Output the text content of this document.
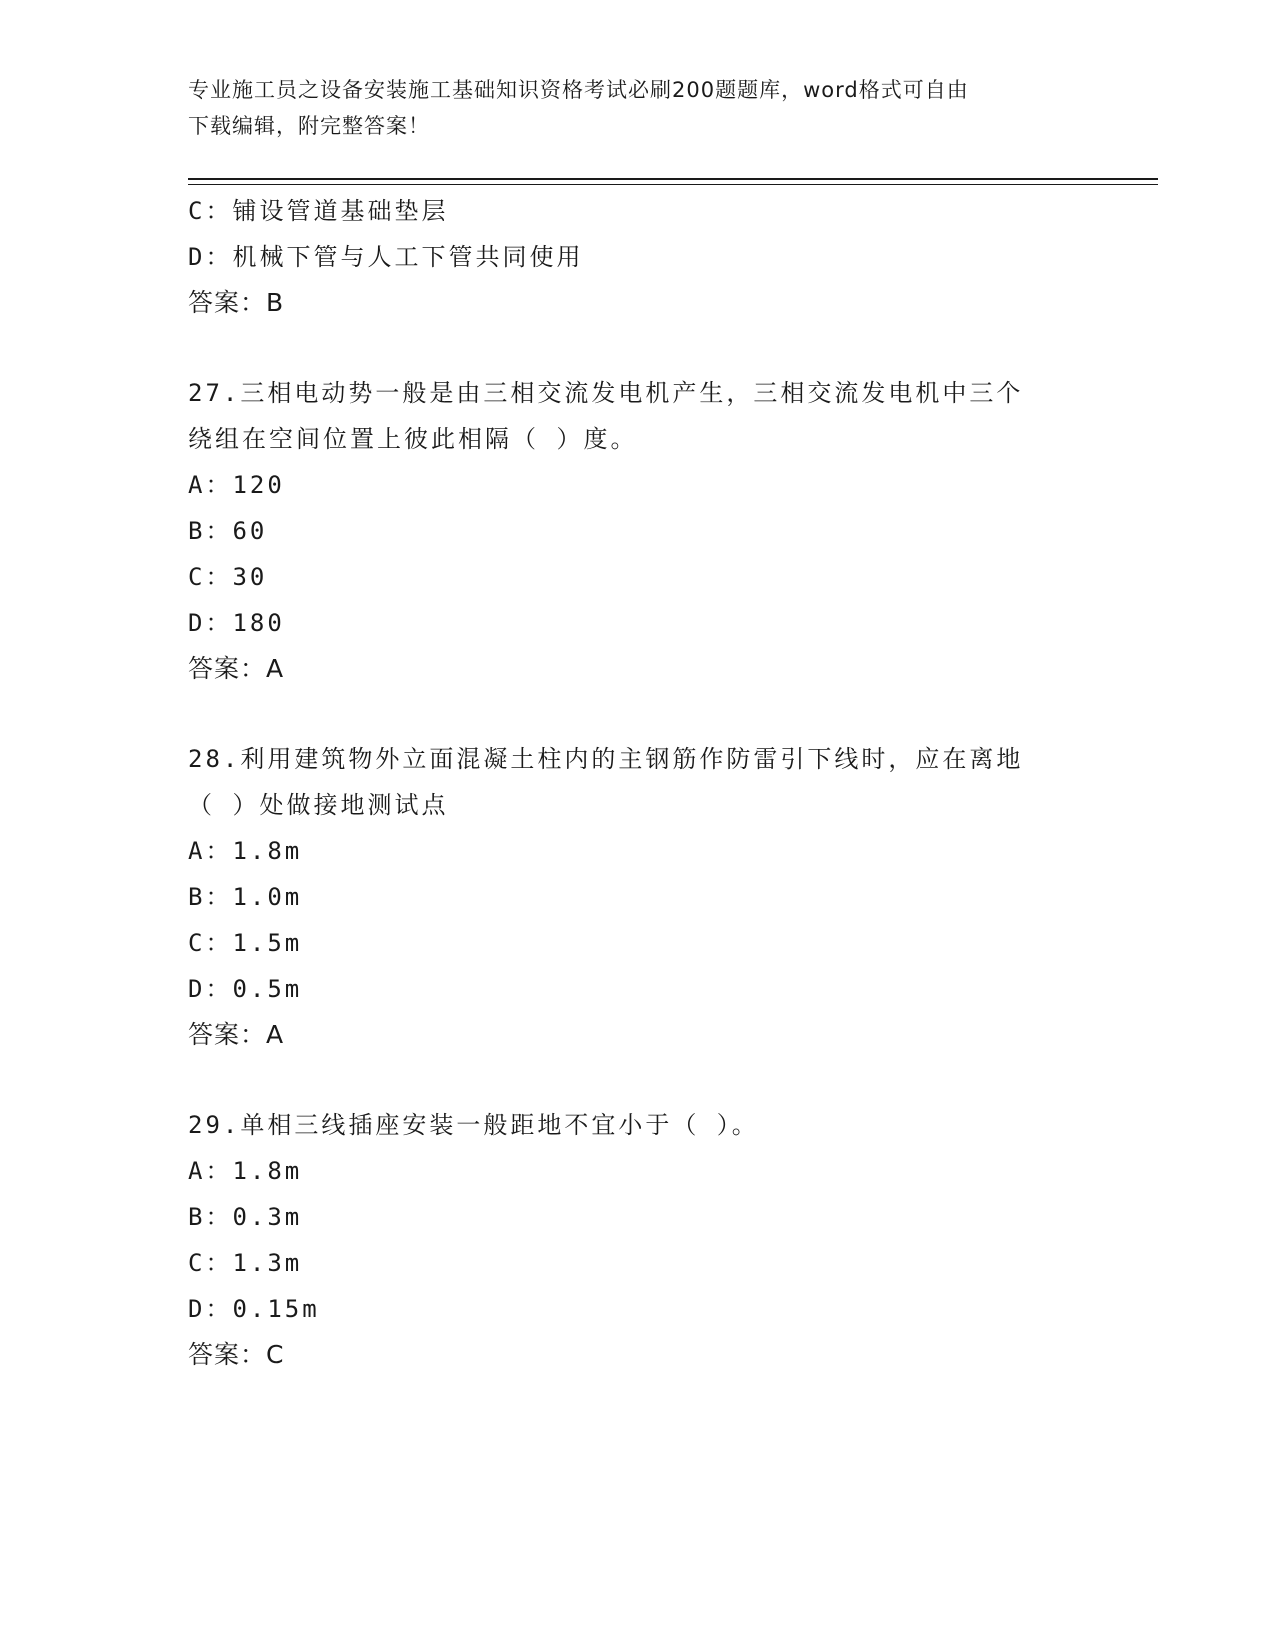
专业施工员之设备安装施工基础知识资格考试必刷200题题库，word格式可自由
下载编辑，附完整答案！

C：铺设管道基础垫层

D：机械下管与人工下管共同使用

答案：B

27.三相电动势一般是由三相交流发电机产生，三相交流发电机中三个

绕组在空间位置上彼此相隔（ ）度。

A：120

B：60

C：30

D：180

答案：A

28.利用建筑物外立面混凝土柱内的主钢筋作防雷引下线时，应在离地

（ ）处做接地测试点

A：1.8m

B：1.0m

C：1.5m

D：0.5m

答案：A

29.单相三线插座安装一般距地不宜小于（ ）。

A：1.8m

B：0.3m

C：1.3m

D：0.15m

答案：C
